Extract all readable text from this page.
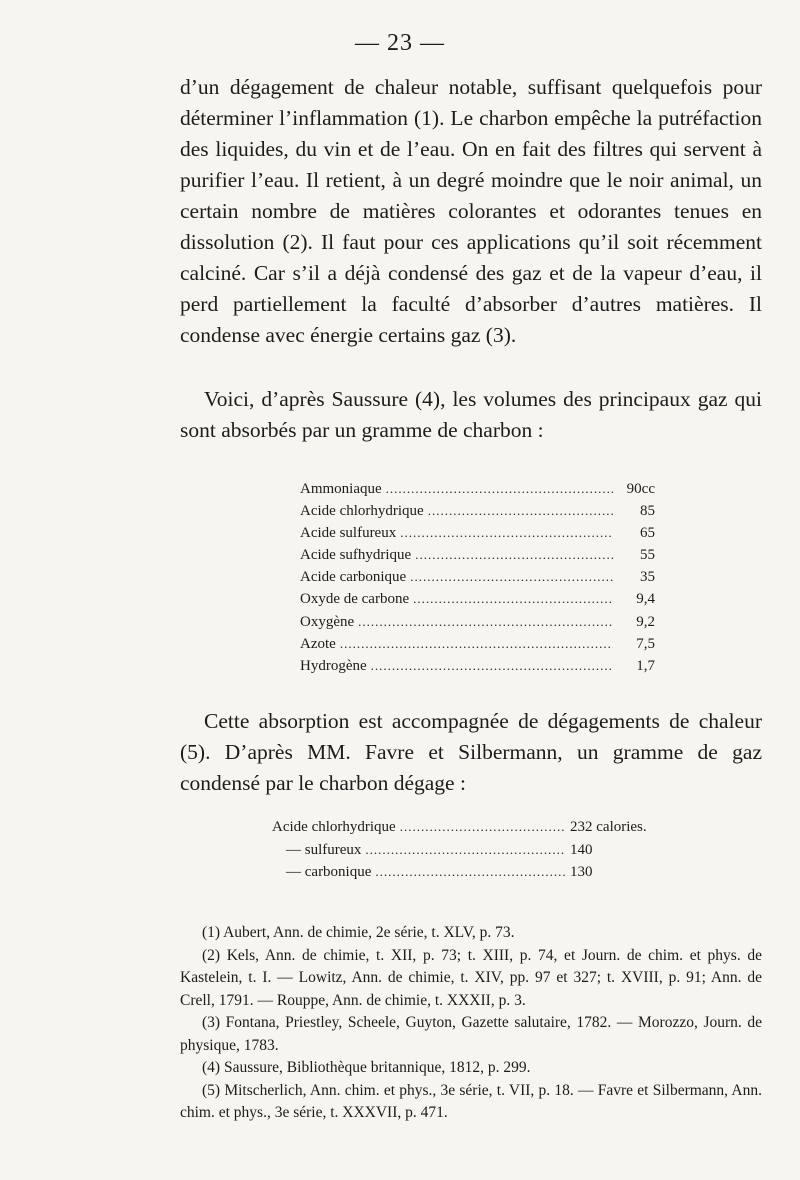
— 23 —

d’un dégagement de chaleur notable, suffisant quelquefois pour déterminer l’inflammation (1). Le charbon empêche la putréfaction des liquides, du vin et de l’eau. On en fait des filtres qui servent à purifier l’eau. Il retient, à un degré moindre que le noir animal, un certain nombre de matières colorantes et odorantes tenues en dissolution (2). Il faut pour ces applications qu’il soit récemment calciné. Car s’il a déjà condensé des gaz et de la vapeur d’eau, il perd partiellement la faculté d’absorber d’autres matières. Il condense avec énergie certains gaz (3).

Voici, d’après Saussure (4), les volumes des principaux gaz qui sont absorbés par un gramme de charbon :

Ammoniaque .....	90cc
Acide chlorhydrique .....	85
Acide sulfureux .....	65
Acide sufhydrique .....	55
Acide carbonique .....	35
Oxyde de carbone .....	9,4
Oxygène .....	9,2
Azote .....	7,5
Hydrogène .....	1,7

Cette absorption est accompagnée de dégagements de chaleur (5). D’après MM. Favre et Silbermann, un gramme de gaz condensé par le charbon dégage :

Acide chlorhydrique .....	232 calories.
— sulfureux .....	140
— carbonique .....	130

(1) Aubert, Ann. de chimie, 2e série, t. XLV, p. 73.

(2) Kels, Ann. de chimie, t. XII, p. 73; t. XIII, p. 74, et Journ. de chim. et phys. de Kastelein, t. I. — Lowitz, Ann. de chimie, t. XIV, pp. 97 et 327; t. XVIII, p. 91; Ann. de Crell, 1791. — Rouppe, Ann. de chimie, t. XXXII, p. 3.

(3) Fontana, Priestley, Scheele, Guyton, Gazette salutaire, 1782. — Morozzo, Journ. de physique, 1783.

(4) Saussure, Bibliothèque britannique, 1812, p. 299.

(5) Mitscherlich, Ann. chim. et phys., 3e série, t. VII, p. 18. — Favre et Silbermann, Ann. chim. et phys., 3e série, t. XXXVII, p. 471.
